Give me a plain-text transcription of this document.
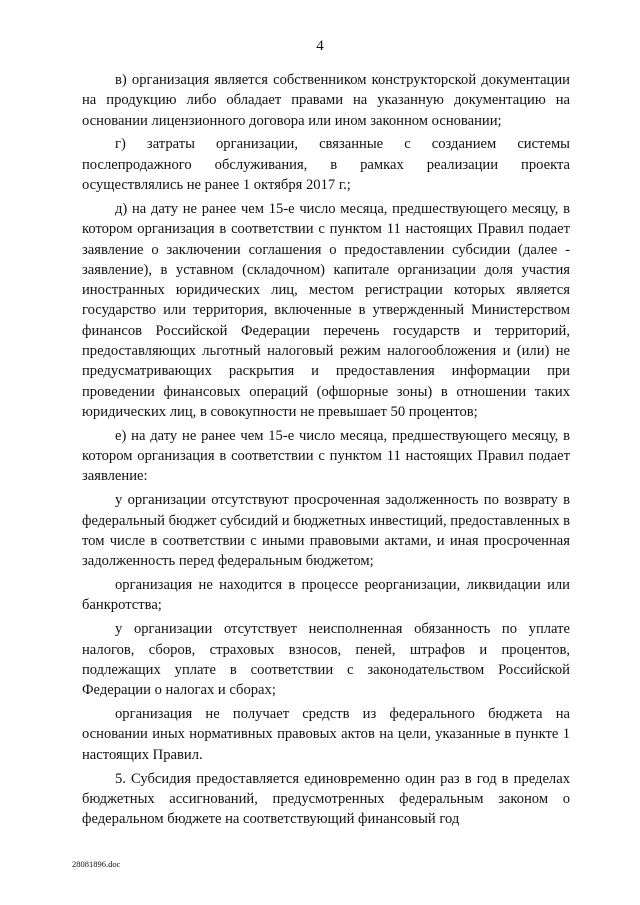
4

в) организация является собственником конструкторской документации на продукцию либо обладает правами на указанную документацию на основании лицензионного договора или ином законном основании;

г) затраты организации, связанные с созданием системы послепродажного обслуживания, в рамках реализации проекта осуществлялись не ранее 1 октября 2017 г.;

д) на дату не ранее чем 15-е число месяца, предшествующего месяцу, в котором организация в соответствии с пунктом 11 настоящих Правил подает заявление о заключении соглашения о предоставлении субсидии (далее - заявление), в уставном (складочном) капитале организации доля участия иностранных юридических лиц, местом регистрации которых является государство или территория, включенные в утвержденный Министерством финансов Российской Федерации перечень государств и территорий, предоставляющих льготный налоговый режим налогообложения и (или) не предусматривающих раскрытия и предоставления информации при проведении финансовых операций (офшорные зоны) в отношении таких юридических лиц, в совокупности не превышает 50 процентов;

е) на дату не ранее чем 15-е число месяца, предшествующего месяцу, в котором организация в соответствии с пунктом 11 настоящих Правил подает заявление:

у организации отсутствуют просроченная задолженность по возврату в федеральный бюджет субсидий и бюджетных инвестиций, предоставленных в том числе в соответствии с иными правовыми актами, и иная просроченная задолженность перед федеральным бюджетом;

организация не находится в процессе реорганизации, ликвидации или банкротства;

у организации отсутствует неисполненная обязанность по уплате налогов, сборов, страховых взносов, пеней, штрафов и процентов, подлежащих уплате в соответствии с законодательством Российской Федерации о налогах и сборах;

организация не получает средств из федерального бюджета на основании иных нормативных правовых актов на цели, указанные в пункте 1 настоящих Правил.

5. Субсидия предоставляется единовременно один раз в год в пределах бюджетных ассигнований, предусмотренных федеральным законом о федеральном бюджете на соответствующий финансовый год

28081896.doc
